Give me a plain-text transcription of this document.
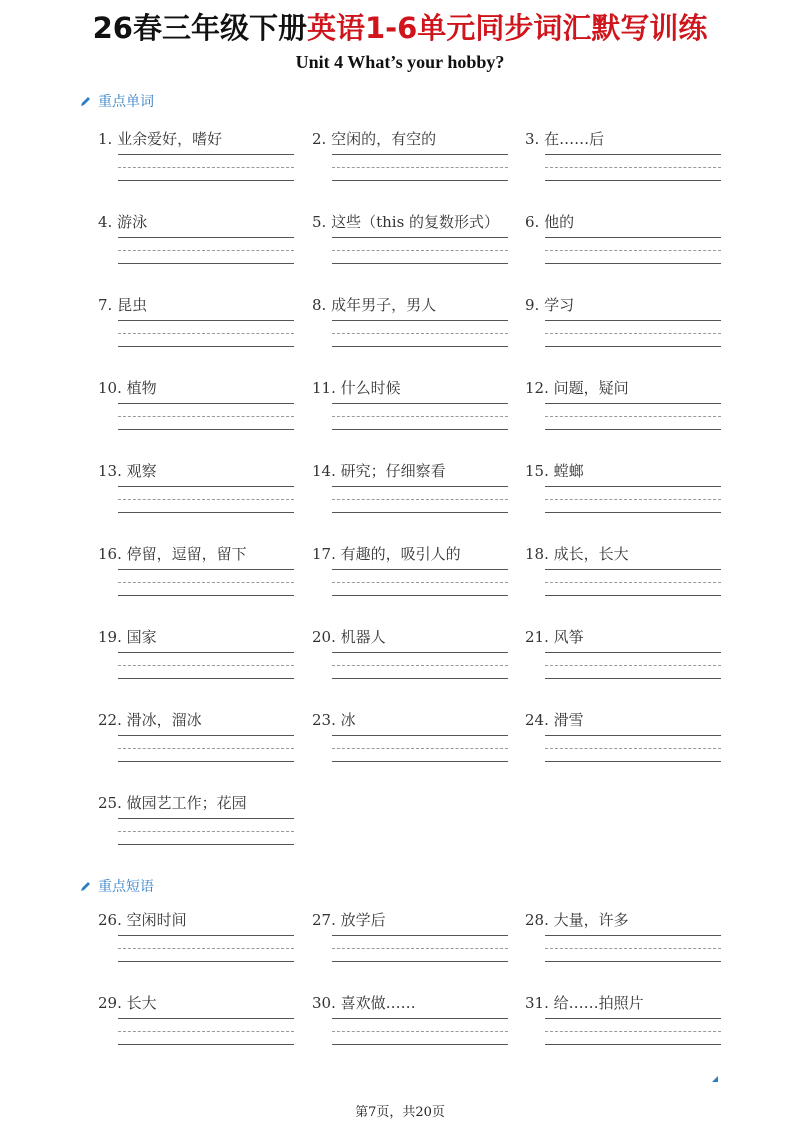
26春三年级下册英语1-6单元同步词汇默写训练
Unit 4 What’s your hobby?
重点单词
1. 业余爱好，嗜好	2. 空闲的，有空的	3. 在……后
4. 游泳	5. 这些（this 的复数形式） 6. 他的
7. 昆虫	8. 成年男子，男人	9. 学习
10. 植物	11. 什么时候	12. 问题，疑问
13. 观察	14. 研究；仔细察看	15. 螳螂
16. 停留，逗留，留下	17. 有趣的，吸引人的	18. 成长，长大
19. 国家	20. 机器人	21. 风筝
22. 滑冰，溜冰	23. 冰	24. 滑雪
25. 做园艺工作；花园
重点短语
26. 空闲时间	27. 放学后	28. 大量，许多
29. 长大	30. 喜欢做……	31. 给……拍照片
第7页，共20页
